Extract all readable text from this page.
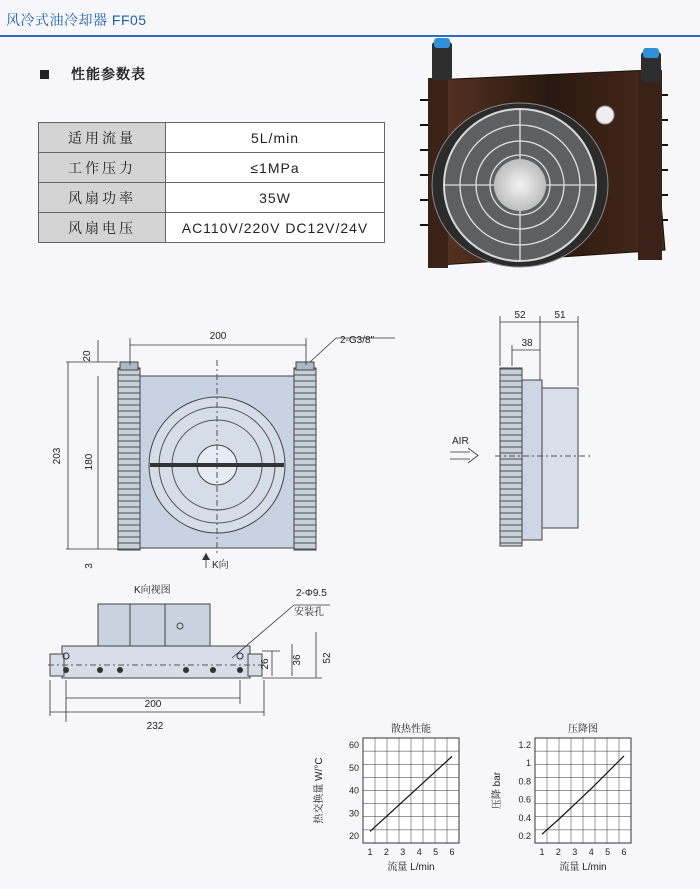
风冷式油冷却器 FF05
性能参数表
适用流量	5L/min
工作压力	≤1MPa
风扇功率	35W
风扇电压	AC110V/220V DC12V/24V
200
20
203 180
3
2-G3/8"
K向
52	51
38
AIR
K向视图	2-Φ9.5
安装孔
26 36 52
200
232	散热性能
1 2 3 4 5 6
20
30
40
50
60
流量 L/min
热交换量 W/°C
压降图
1 2 3 4 5 6
0.2
0.4
0.6
0.8
1
1.2
流量 L/min
压降 bar
